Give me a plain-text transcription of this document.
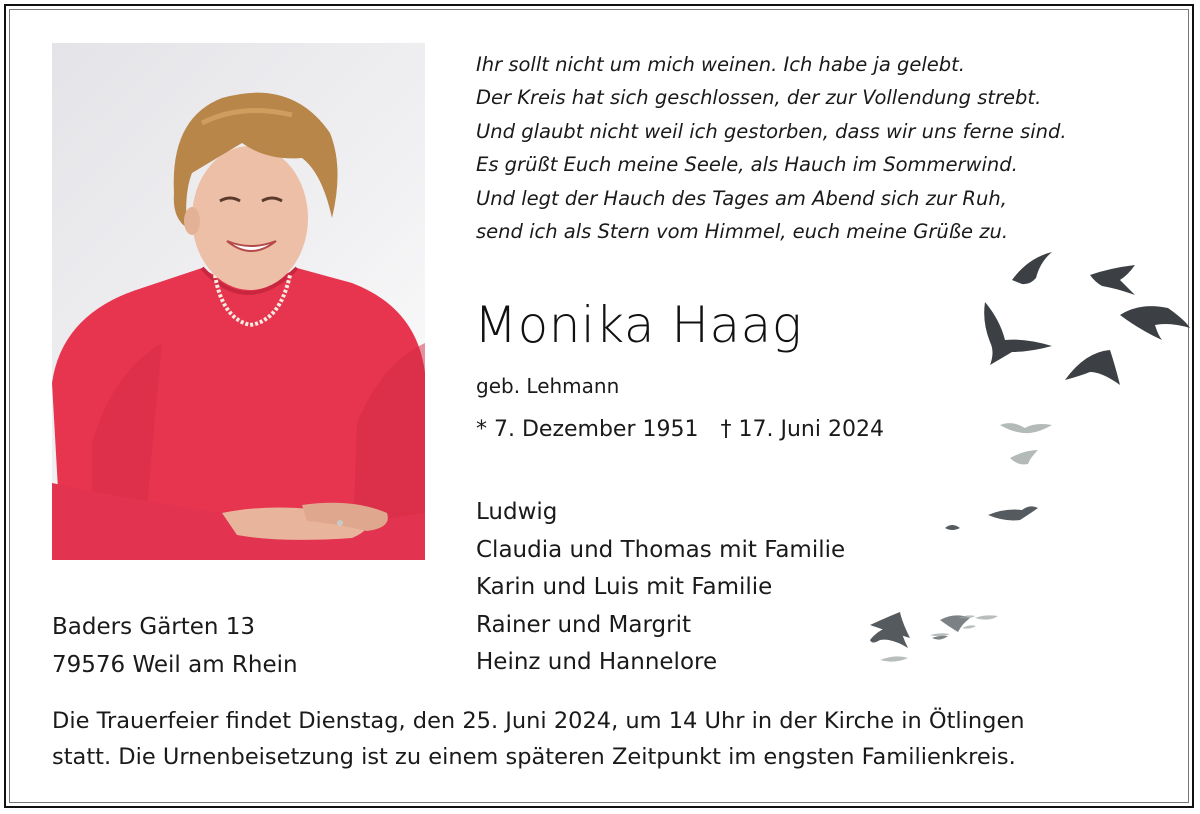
Ihr sollt nicht um mich weinen. Ich habe ja gelebt.
Der Kreis hat sich geschlossen, der zur Vollendung strebt.
Und glaubt nicht weil ich gestorben, dass wir uns ferne sind.
Es grüßt Euch meine Seele, als Hauch im Sommerwind.
Und legt der Hauch des Tages am Abend sich zur Ruh,
send ich als Stern vom Himmel, euch meine Grüße zu.
Monika Haag
geb. Lehmann
* 7. Dezember 1951 † 17. Juni 2024
Ludwig
Claudia und Thomas mit Familie
Karin und Luis mit Familie
Rainer und Margrit
Heinz und Hannelore
Baders Gärten 13
79576 Weil am Rhein
Die Trauerfeier findet Dienstag, den 25. Juni 2024, um 14 Uhr in der Kirche in Ötlingen
statt. Die Urnenbeisetzung ist zu einem späteren Zeitpunkt im engsten Familienkreis.
